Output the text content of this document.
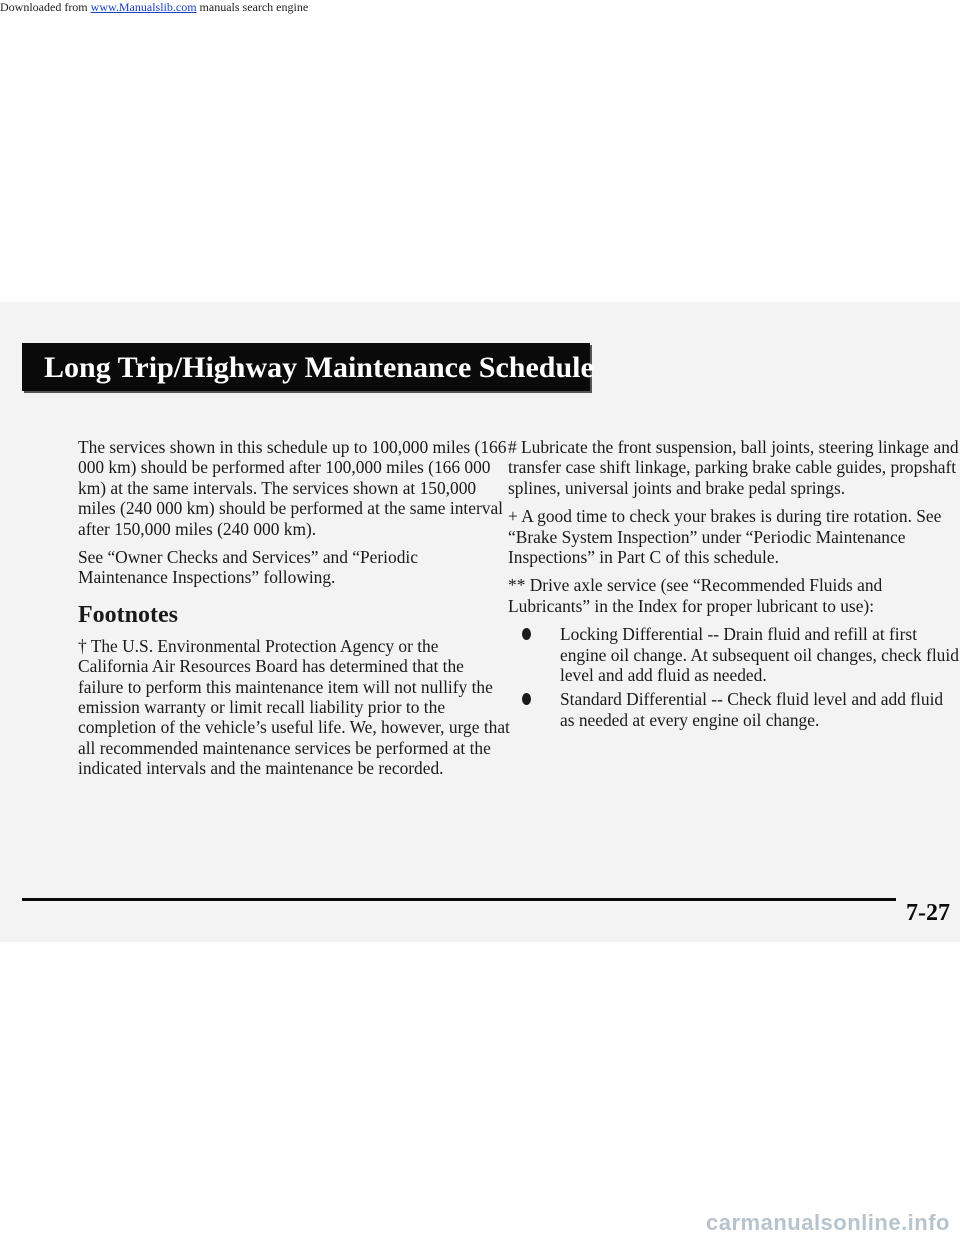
Downloaded from www.Manualslib.com manuals search engine
Long Trip/Highway Maintenance Schedule

The services shown in this schedule up to 100,000 miles (166 000 km) should be performed after 100,000 miles (166 000 km) at the same intervals. The services shown at 150,000 miles (240 000 km) should be performed at the same interval after 150,000 miles (240 000 km).

See “Owner Checks and Services” and “Periodic Maintenance Inspections” following.

Footnotes

† The U.S. Environmental Protection Agency or the California Air Resources Board has determined that the failure to perform this maintenance item will not nullify the emission warranty or limit recall liability prior to the completion of the vehicle’s useful life. We, however, urge that all recommended maintenance services be performed at the indicated intervals and the maintenance be recorded.

# Lubricate the front suspension, ball joints, steering linkage and transfer case shift linkage, parking brake cable guides, propshaft splines, universal joints and brake pedal springs.

+ A good time to check your brakes is during tire rotation. See “Brake System Inspection” under “Periodic Maintenance Inspections” in Part C of this schedule.

** Drive axle service (see “Recommended Fluids and Lubricants” in the Index for proper lubricant to use):

Locking Differential -- Drain fluid and refill at first engine oil change. At subsequent oil changes, check fluid level and add fluid as needed.
Standard Differential -- Check fluid level and add fluid as needed at every engine oil change.
7-27
carmanualsonline.info
